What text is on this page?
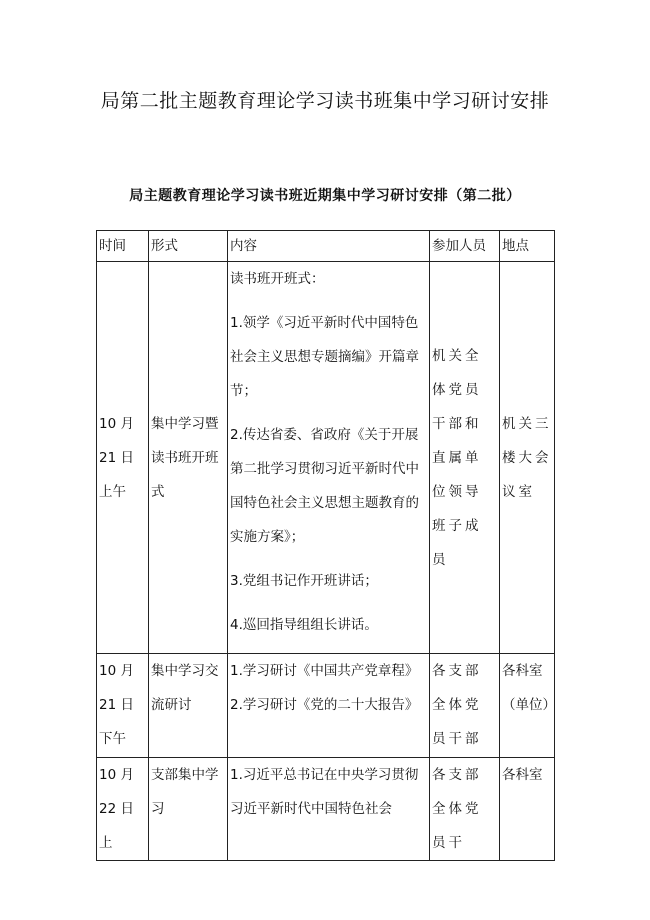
局第二批主题教育理论学习读书班集中学习研讨安排
局主题教育理论学习读书班近期集中学习研讨安排（第二批）
时间	形式	内容	参加人员	地点
10 月 21 日上午	集中学习暨读书班开班式	读书班开班式：
1.领学《习近平新时代中国特色社会主义思想专题摘编》开篇章节；
2.传达省委、省政府《关于开展第二批学习贯彻习近平新时代中国特色社会主义思想主题教育的实施方案》；
3.党组书记作开班讲话；
4.巡回指导组组长讲话。	机关全体党员干部和直属单位领导班子成员	机关三楼大会议室
10 月 21 日下午	集中学习交流研讨	1.学习研讨《中国共产党章程》
2.学习研讨《党的二十大报告》	各支部全体党员干部	各科室
（单位）

10 月 22 日上	支部集中学习	1.习近平总书记在中央学习贯彻习近平新时代中国特色社会	各支部全体党员干	各科室
